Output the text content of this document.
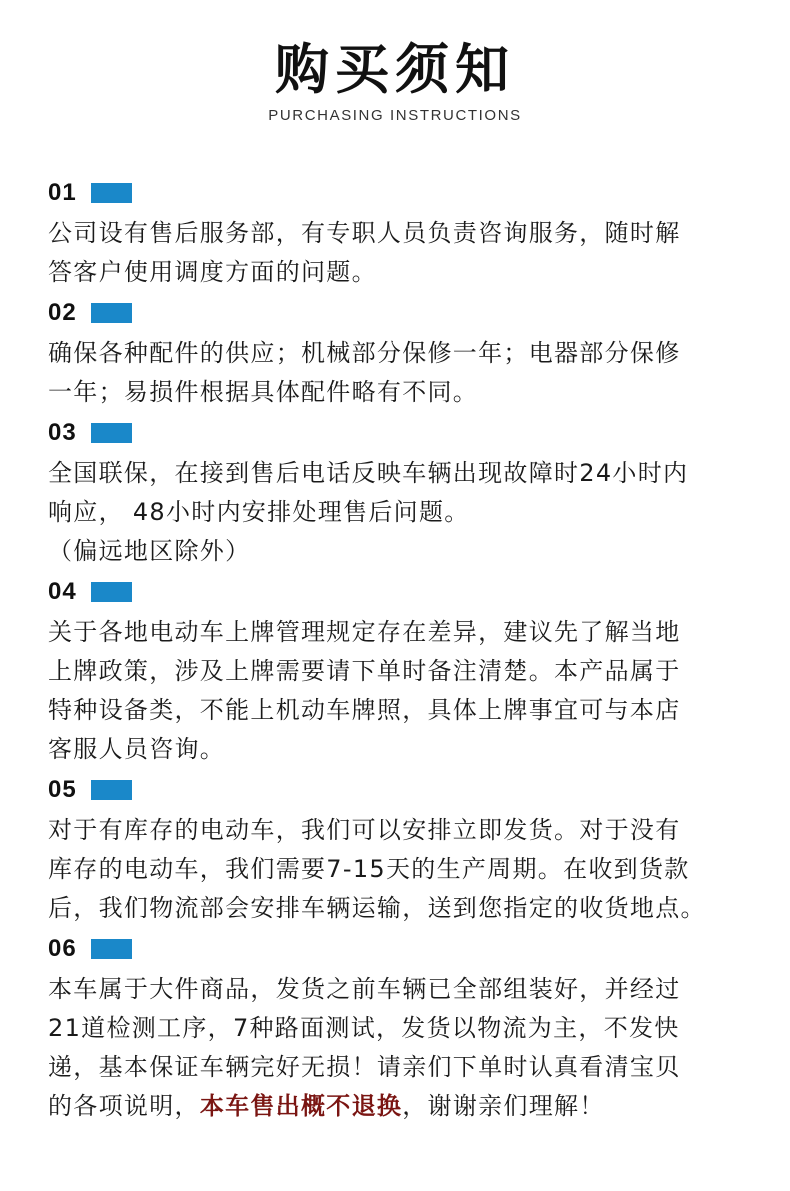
购买须知
PURCHASING INSTRUCTIONS
01
公司设有售后服务部，有专职人员负责咨询服务，随时解
答客户使用调度方面的问题。
02
确保各种配件的供应；机械部分保修一年；电器部分保修
一年；易损件根据具体配件略有不同。
03
全国联保，在接到售后电话反映车辆出现故障时24小时内
响应， 48小时内安排处理售后问题。
（偏远地区除外）
04
关于各地电动车上牌管理规定存在差异，建议先了解当地
上牌政策，涉及上牌需要请下单时备注清楚。本产品属于
特种设备类，不能上机动车牌照，具体上牌事宜可与本店
客服人员咨询。
05
对于有库存的电动车，我们可以安排立即发货。对于没有
库存的电动车，我们需要7-15天的生产周期。在收到货款
后，我们物流部会安排车辆运输，送到您指定的收货地点。
06
本车属于大件商品，发货之前车辆已全部组装好，并经过
21道检测工序，7种路面测试，发货以物流为主，不发快
递，基本保证车辆完好无损！请亲们下单时认真看清宝贝
的各项说明，本车售出概不退换，谢谢亲们理解！
